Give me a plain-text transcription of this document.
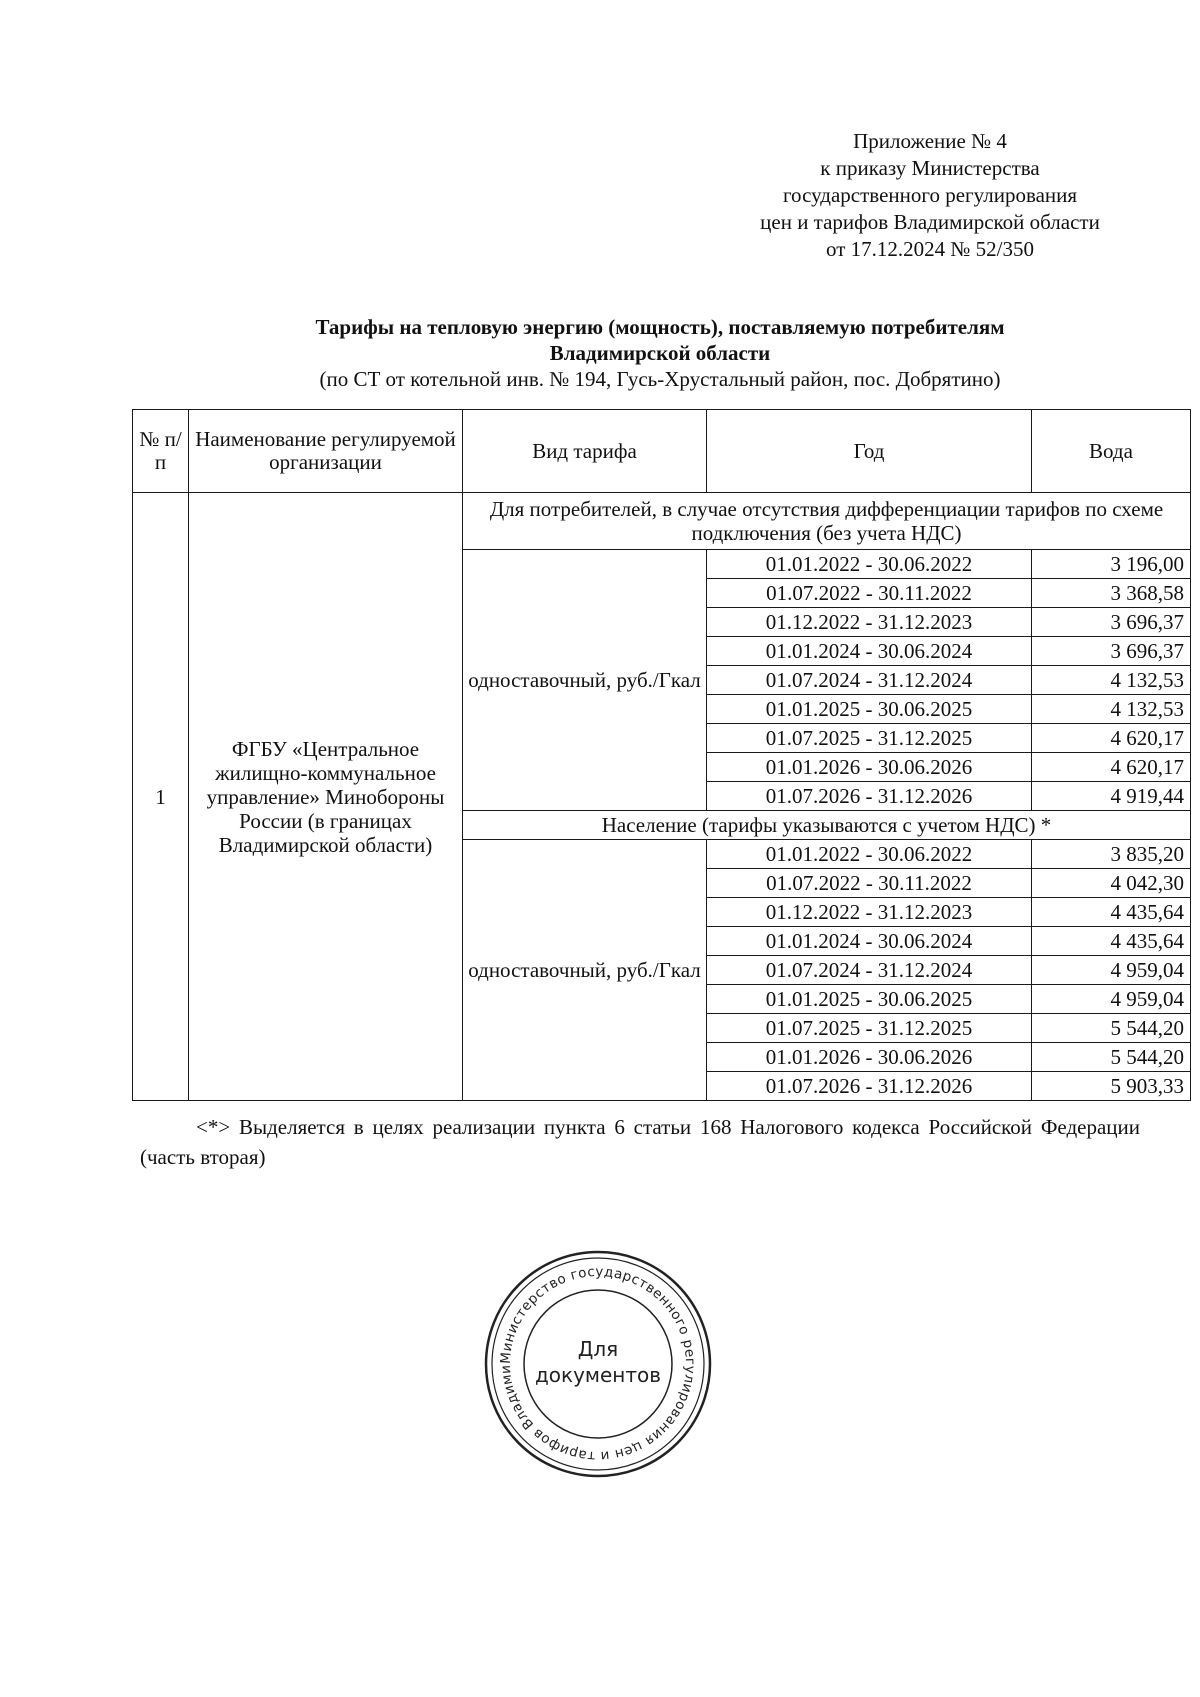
Приложение № 4
к приказу Министерства
государственного регулирования
цен и тарифов Владимирской области
от 17.12.2024 № 52/350
Тарифы на тепловую энергию (мощность), поставляемую потребителям
Владимирской области
(по СТ от котельной инв. № 194, Гусь-Хрустальный район, пос. Добрятино)
№ п/п	Наименование регулируемой организации	Вид тарифа	Год	Вода
1	ФГБУ «Центральное жилищно-коммунальное управление» Минобороны России (в границах Владимирской области)	Для потребителей, в случае отсутствия дифференциации тарифов по схеме подключения (без учета НДС)		
		одноставочный, руб./Гкал	01.01.2022 - 30.06.2022	3 196,00
			01.07.2022 - 30.11.2022	3 368,58
			01.12.2022 - 31.12.2023	3 696,37
			01.01.2024 - 30.06.2024	3 696,37
			01.07.2024 - 31.12.2024	4 132,53
			01.01.2025 - 30.06.2025	4 132,53
			01.07.2025 - 31.12.2025	4 620,17
			01.01.2026 - 30.06.2026	4 620,17
			01.07.2026 - 31.12.2026	4 919,44
		Население (тарифы указываются с учетом НДС) *		
		одноставочный, руб./Гкал	01.01.2022 - 30.06.2022	3 835,20
			01.07.2022 - 30.11.2022	4 042,30
			01.12.2022 - 31.12.2023	4 435,64
			01.01.2024 - 30.06.2024	4 435,64
			01.07.2024 - 31.12.2024	4 959,04
			01.01.2025 - 30.06.2025	4 959,04
			01.07.2025 - 31.12.2025	5 544,20
			01.01.2026 - 30.06.2026	5 544,20
			01.07.2026 - 31.12.2026	5 903,33
<*> Выделяется в целях реализации пункта 6 статьи 168 Налогового кодекса Российской Федерации (часть вторая)
Министерство государственного регулирования цен и тарифов Владими
Для
документов
